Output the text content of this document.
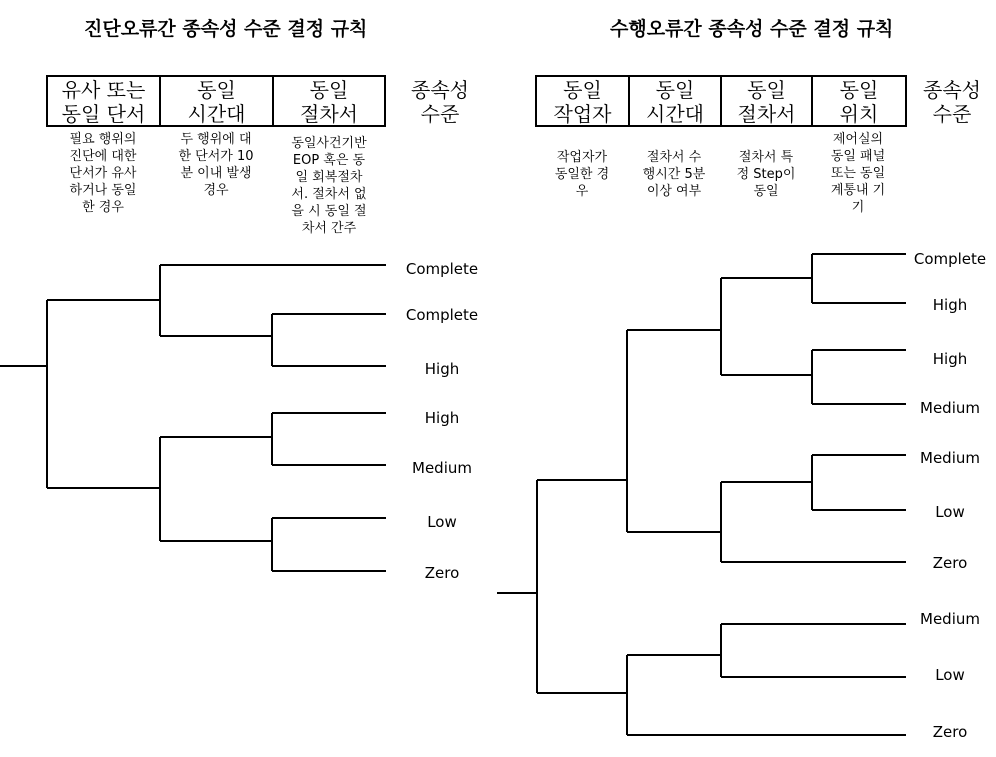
진단오류간 종속성 수준 결정 규칙
유사 또는
동일 단서
동일
시간대
동일
절차서
종속성
수준
필요 행위의
진단에 대한
단서가 유사
하거나 동일
한 경우
두 행위에 대
한 단서가 10
분 이내 발생
경우
동일사건기반
EOP 혹은 동
일 회복절차
서. 절차서 없
을 시 동일 절
차서 간주
수행오류간 종속성 수준 결정 규칙
동일
작업자
동일
시간대
동일
절차서
동일
위치
종속성
수준
작업자가
동일한 경
우
절차서 수
행시간 5분
이상 여부
절차서 특
정 Step이
동일
제어실의
동일 패널
또는 동일
계통내 기
기
Complete
Complete
High
High
Medium
Low
Zero
Complete
High
High
Medium
Medium
Low
Zero
Medium
Low
Zero
